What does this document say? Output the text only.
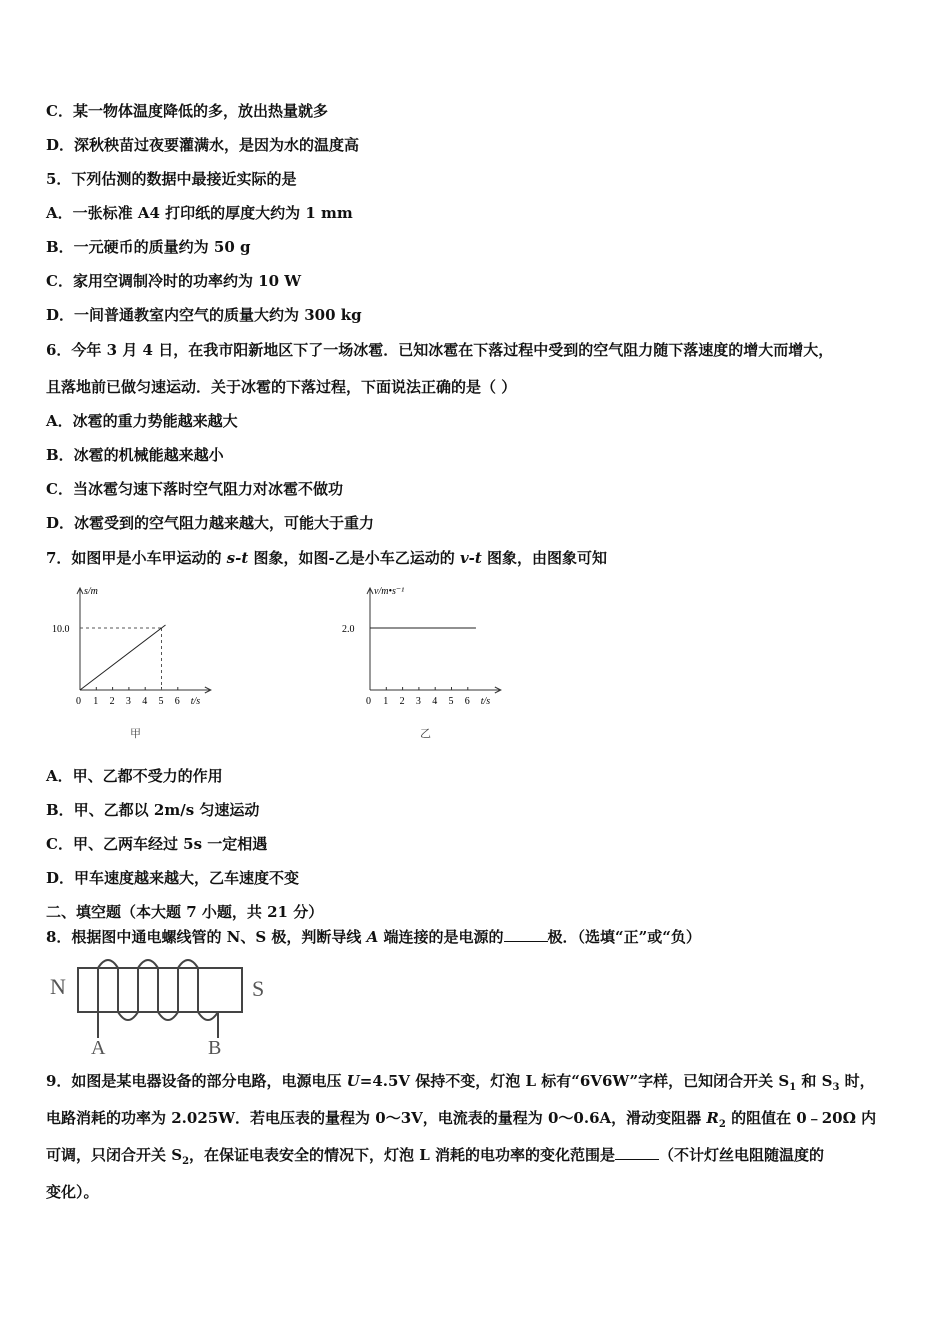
C．某一物体温度降低的多，放出热量就多
D．深秋秧苗过夜要灌满水，是因为水的温度高
5．下列估测的数据中最接近实际的是
A．一张标准 A4 打印纸的厚度大约为 1 mm
B．一元硬币的质量约为 50 g
C．家用空调制冷时的功率约为 10 W
D．一间普通教室内空气的质量大约为 300 kg
6．今年 3 月 4 日，在我市阳新地区下了一场冰雹．已知冰雹在下落过程中受到的空气阻力随下落速度的增大而增大，
且落地前已做匀速运动．关于冰雹的下落过程，下面说法正确的是（ ）
A．冰雹的重力势能越来越大
B．冰雹的机械能越来越小
C．当冰雹匀速下落时空气阻力对冰雹不做功
D．冰雹受到的空气阻力越来越大，可能大于重力
7．如图甲是小车甲运动的 s-t 图象，如图-乙是小车乙运动的 v-t 图象，由图象可知
s/m
0 1 2 3 4 5 6 t/s
10.0
甲
v/m•s⁻¹
0 1 2 3 4 5 6 t/s
2.0
乙
A．甲、乙都不受力的作用
B．甲、乙都以 2m/s 匀速运动
C．甲、乙两车经过 5s 一定相遇
D．甲车速度越来越大，乙车速度不变
二、填空题（本大题 7 小题，共 21 分）
8．根据图中通电螺线管的 N、S 极，判断导线 A 端连接的是电源的	极．（选填“正”或“负）
N	S
A	B
9．如图是某电器设备的部分电路，电源电压 U=4.5V 保持不变，灯泡 L 标有“6V6W”字样，已知闭合开关 $S_1$ 和 $S_3$ 时，
电路消耗的功率为 2.025W．若电压表的量程为 0～3V，电流表的量程为 0～0.6A，滑动变阻器 $R_2$ 的阻值在 0﹣20Ω 内
可调，只闭合开关 $S_2$，在保证电表安全的情况下，灯泡 L 消耗的电功率的变化范围是	（不计灯丝电阻随温度的
变化）。
